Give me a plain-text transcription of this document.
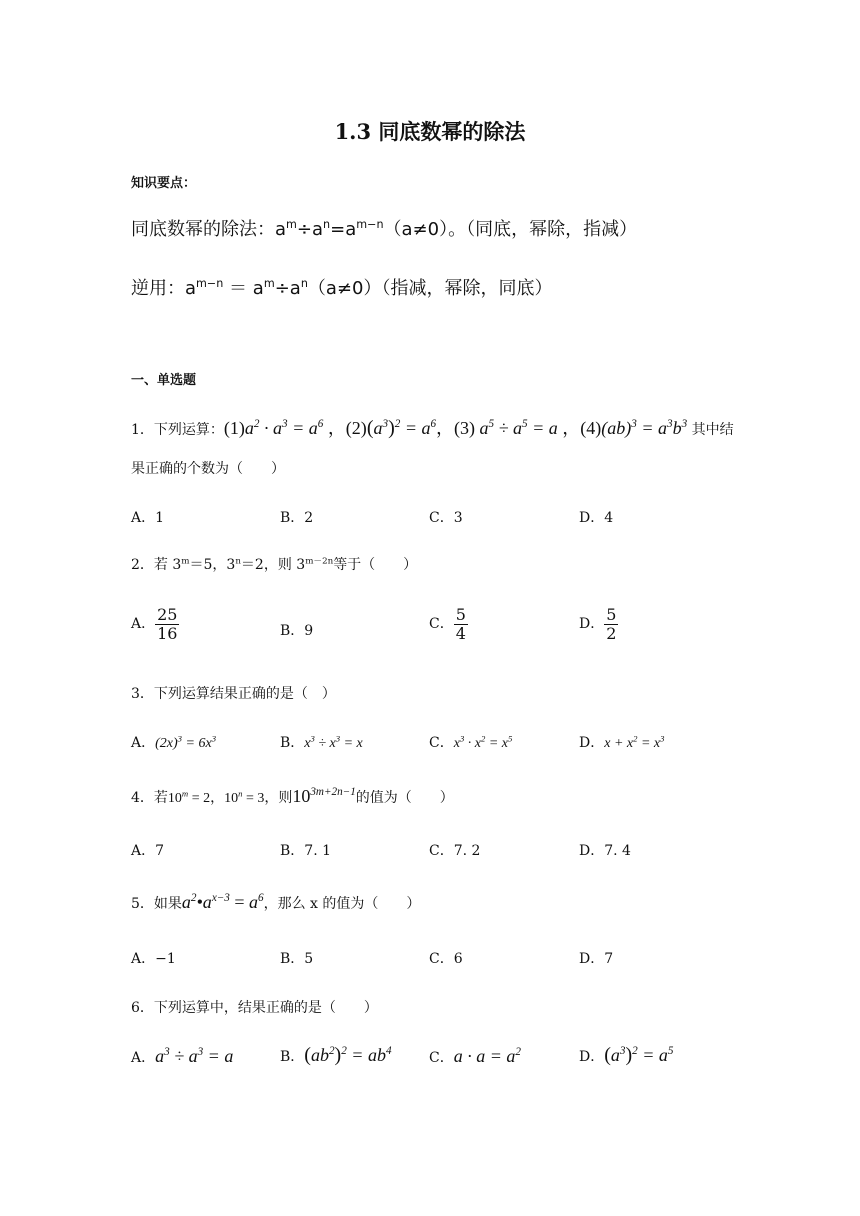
1.3 同底数幂的除法
知识要点：
同底数幂的除法：$a^m\div a^n=a^{m-n}(a\ne 0)$。（同底，幂除，指减）
逆用：$a^{m-n} = a^m\div a^n(a\ne 0)$（指减，幂除，同底）
一、单选题
1．下列运算：$(1)a^2 \cdot a^3 = a^6$ ，$(2)(a^3)^2 = a^6$，(3) $a^5 \div a^5 = a$ ，$(4)(ab)^3 = a^3b^3$ 其中结
果正确的个数为（　　）
A．1	B．2	C．3	D．4
2．若 $3^m=5$，$3^n=2$，则 $3^{m-2n}$等于（　　）
A． $\frac{25}{16}$	B．9	C． $\frac{5}{4}$	D． $\frac{5}{2}$
3．下列运算结果正确的是（　）
A．$(2x)^3 = 6x^3$	B．$x^3 \div x^3 = x$	C．$x^3 \cdot x^2 = x^5$	D．$x + x^2 = x^3$
4．若$10^m = 2$，$10^n = 3$，则$10^{3m+2n-1}$的值为（　　）
A．7	B．7. 1	C．7. 2	D．7. 4
5．如果$a^2•a^{x-3} = a^6$，那么 x 的值为（　　）
A．−1	B．5	C．6	D．7
6．下列运算中，结果正确的是（　　）
A．$a^3 \div a^3 = a$	B．$(ab^2)^2 = ab^4$	C．$a \cdot a = a^2$	D．$(a^3)^2 = a^5$
